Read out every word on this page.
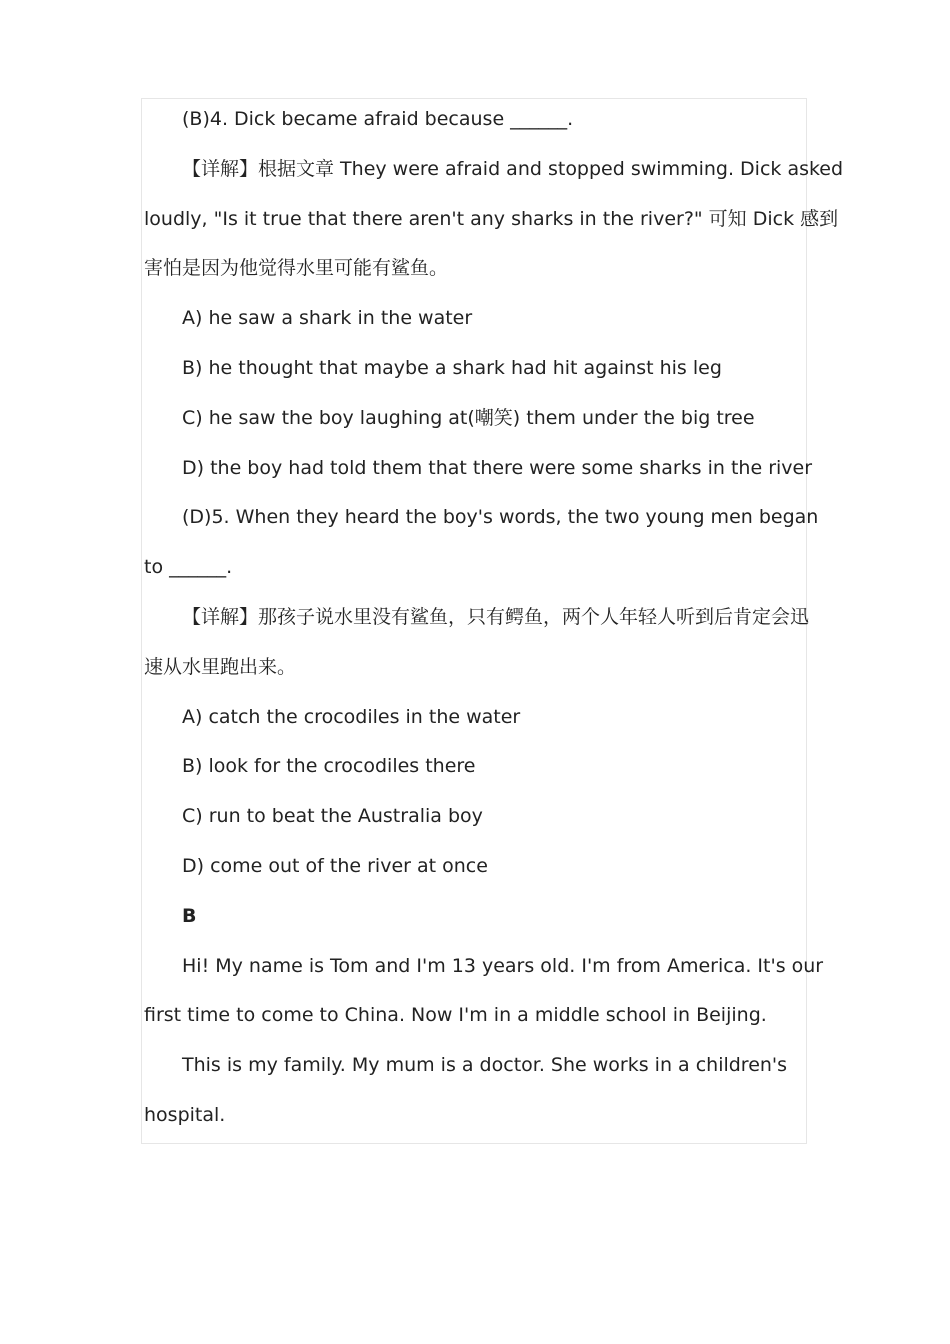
(B)4. Dick became afraid because ______.

【详解】根据文章 They were afraid and stopped swimming. Dick asked

loudly, "Is it true that there aren't any sharks in the river?" 可知 Dick 感到

害怕是因为他觉得水里可能有鲨鱼。

A) he saw a shark in the water

B) he thought that maybe a shark had hit against his leg

C) he saw the boy laughing at(嘲笑) them under the big tree

D) the boy had told them that there were some sharks in the river

(D)5. When they heard the boy's words, the two young men began

to ______.

【详解】那孩子说水里没有鲨鱼，只有鳄鱼，两个人年轻人听到后肯定会迅

速从水里跑出来。

A) catch the crocodiles in the water

B) look for the crocodiles there

C) run to beat the Australia boy

D) come out of the river at once

B

Hi! My name is Tom and I'm 13 years old. I'm from America. It's our

first time to come to China. Now I'm in a middle school in Beijing.

This is my family. My mum is a doctor. She works in a children's

hospital.
